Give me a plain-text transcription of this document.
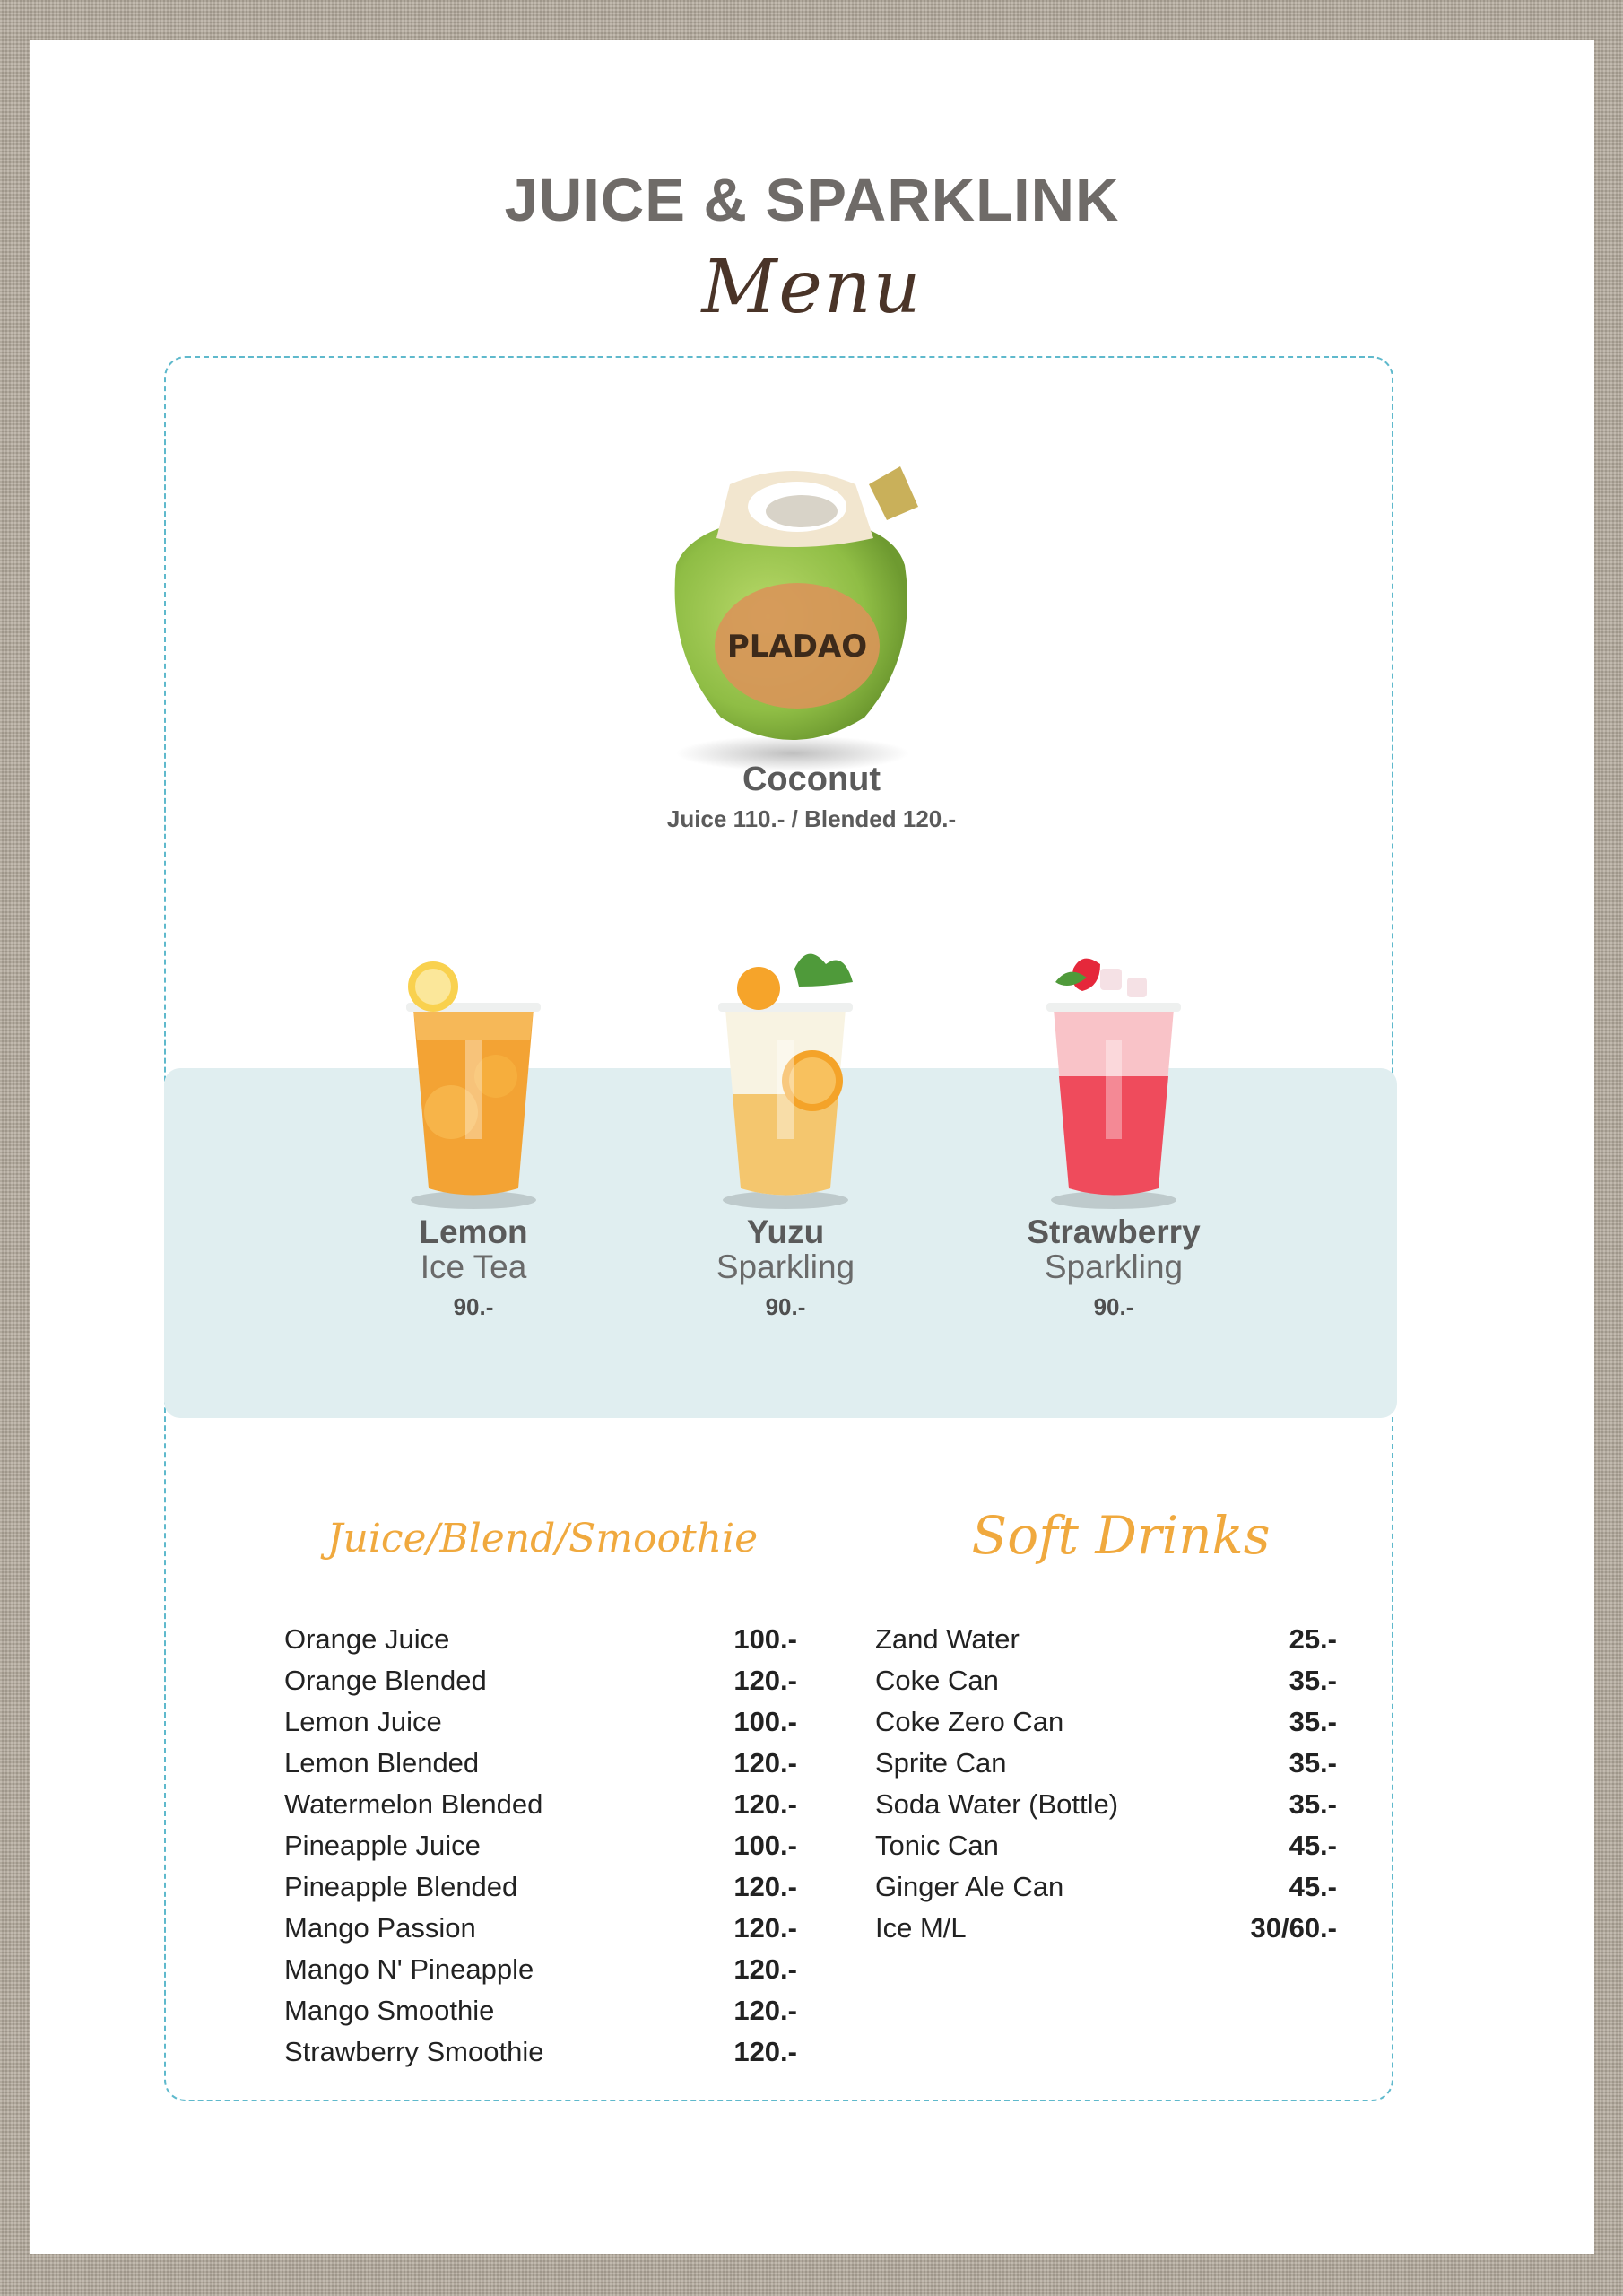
JUICE & SPARKLINK
Menu
PLADAO
Coconut
Juice 110.- / Blended 120.-
Lemon
Ice Tea
90.-
Yuzu
Sparkling
90.-
Strawberry
Sparkling
90.-
Juice/Blend/Smoothie	Soft Drinks
Orange Juice	100.-
Orange Blended	120.-
Lemon Juice	100.-
Lemon Blended	120.-
Watermelon Blended	120.-
Pineapple Juice	100.-
Pineapple Blended	120.-
Mango Passion	120.-
Mango N' Pineapple	120.-
Mango Smoothie	120.-
Strawberry Smoothie	120.-
Zand Water	25.-
Coke Can	35.-
Coke Zero Can	35.-
Sprite Can	35.-
Soda Water (Bottle)	35.-
Tonic Can	45.-
Ginger Ale Can	45.-
Ice M/L	30/60.-
